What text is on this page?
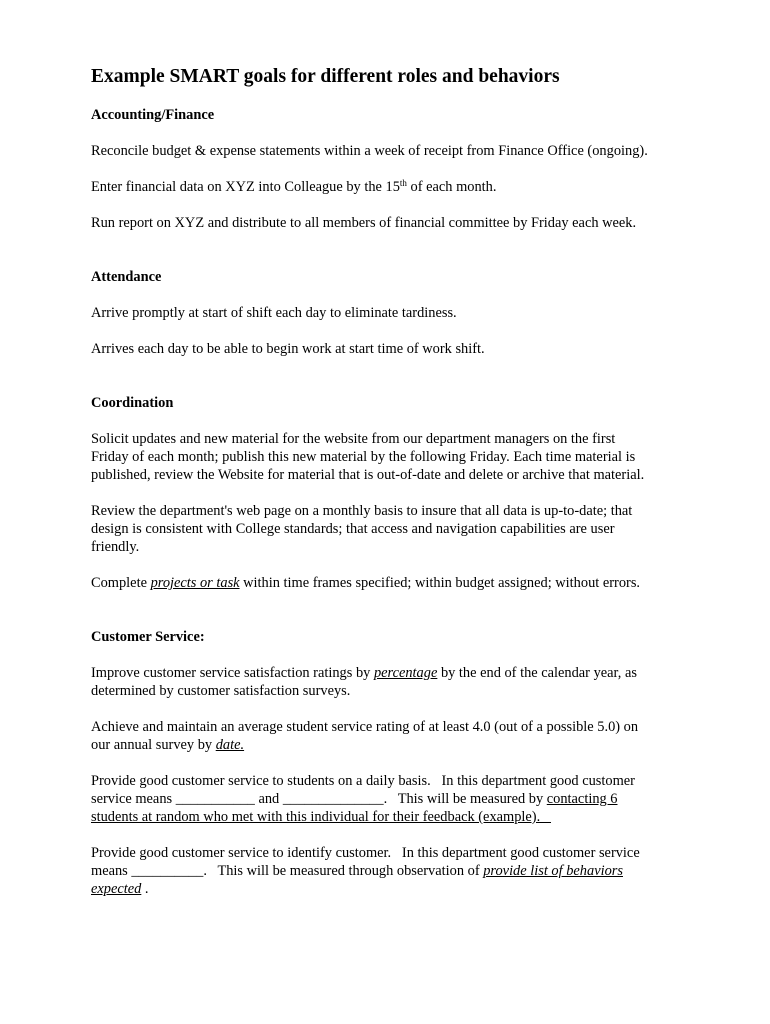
Example SMART goals for different roles and behaviors
Accounting/Finance

Reconcile budget & expense statements within a week of receipt from Finance Office (ongoing).

Enter financial data on XYZ into Colleague by the 15th of each month.

Run report on XYZ and distribute to all members of financial committee by Friday each week.

Attendance

Arrive promptly at start of shift each day to eliminate tardiness.

Arrives each day to be able to begin work at start time of work shift.

Coordination

Solicit updates and new material for the website from our department managers on the first

Friday of each month; publish this new material by the following Friday. Each time material is

published, review the Website for material that is out-of-date and delete or archive that material.

Review the department's web page on a monthly basis to insure that all data is up-to-date; that

design is consistent with College standards; that access and navigation capabilities are user

friendly.

Complete projects or task within time frames specified; within budget assigned; without errors.

Customer Service:

Improve customer service satisfaction ratings by percentage by the end of the calendar year, as

determined by customer satisfaction surveys.

Achieve and maintain an average student service rating of at least 4.0 (out of a possible 5.0) on

our annual survey by date.

Provide good customer service to students on a daily basis.   In this department good customer

service means ___________ and ______________.   This will be measured by contacting 6

students at random who met with this individual for their feedback (example).

Provide good customer service to identify customer.   In this department good customer service

means __________.   This will be measured through observation of provide list of behaviors

expected .
